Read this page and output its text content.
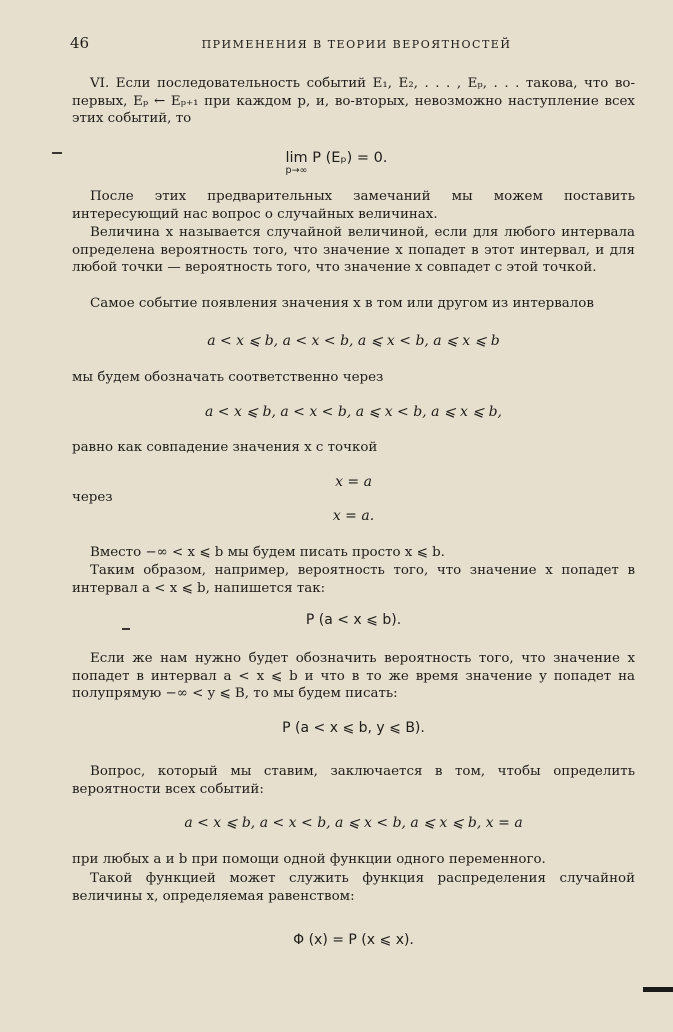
46	ПРИМЕНЕНИЯ В ТЕОРИИ ВЕРОЯТНОСТЕЙ
VI. Если последовательность событий E₁, E₂, . . . , Eₚ, . . . такова, что во-первых, Eₚ ← Eₚ₊₁ при каждом p, и, во-вторых, невозможно наступление всех этих событий, то
lim P (Eₚ) = 0.
p→∞
После этих предварительных замечаний мы можем поставить интересующий нас вопрос о случайных величинах.
Величина x называется случайной величиной, если для любого интервала определена вероятность того, что значение x попадет в этот интервал, и для любой точки — вероятность того, что значение x совпадет с этой точкой.
Самое событие появления значения x в том или другом из интервалов
a < x ⩽ b, a < x < b, a ⩽ x < b, a ⩽ x ⩽ b
мы будем обозначать соответственно через
a < x ⩽ b, a < x < b, a ⩽ x < b, a ⩽ x ⩽ b,
равно как совпадение значения x с точкой
x = a
через
x = a.
Вместо −∞ < x ⩽ b мы будем писать просто x ⩽ b.
Таким образом, например, вероятность того, что значение x попадет в интервал a < x ⩽ b, напишется так:
P (a < x ⩽ b).
Если же нам нужно будет обозначить вероятность того, что значение x попадет в интервал a < x ⩽ b и что в то же время значение y попадет на полупрямую −∞ < y ⩽ B, то мы будем писать:
P (a < x ⩽ b, y ⩽ B).
Вопрос, который мы ставим, заключается в том, чтобы определить вероятности всех событий:
a < x ⩽ b, a < x < b, a ⩽ x < b, a ⩽ x ⩽ b, x = a
при любых a и b при помощи одной функции одного переменного.
Такой функцией может служить функция распределения случайной величины x, определяемая равенством:
Φ (x) = P (x ⩽ x).
